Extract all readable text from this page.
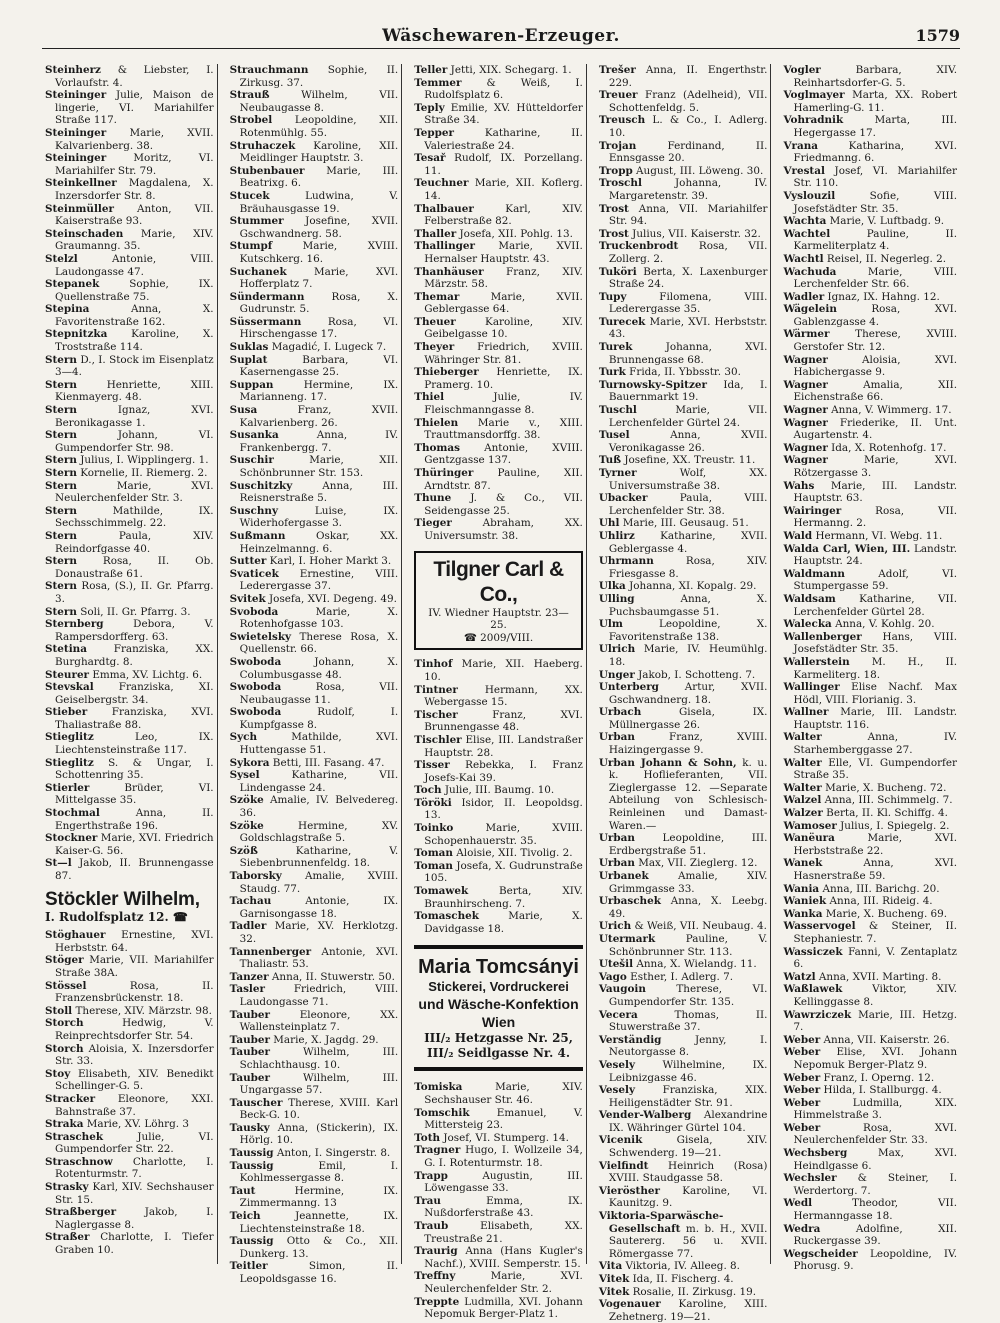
Wäschewaren-Erzeuger.	1579

Steinherz & Liebster, I. Vorlaufstr. 4.

Steininger Julie, Maison de lingerie, VI. Mariahilfer Straße 117.

Steininger Marie, XVII. Kalvarienberg. 38.

Steininger Moritz, VI. Mariahilfer Str. 79.

Steinkellner Magdalena, X. Inzersdorfer Str. 8.

Steinmüller Anton, VII. Kaiserstraße 93.

Steinschaden Marie, XIV. Graumanng. 35.

Stelzl Antonie, VIII. Laudongasse 47.

Stepanek Sophie, IX. Quellenstraße 75.

Stepina Anna, X. Favoritenstraße 162.

Stepnitzka Karoline, X. Troststraße 114.

Stern D., I. Stock im Eisenplatz 3—4.

Stern Henriette, XIII. Kienmayerg. 48.

Stern Ignaz, XVI. Beronikagasse 1.

Stern Johann, VI. Gumpendorfer Str. 98.

Stern Julius, I. Wipplingerg. 1.

Stern Kornelie, II. Riemerg. 2.

Stern Marie, XVI. Neulerchenfelder Str. 3.

Stern Mathilde, IX. Sechsschimmelg. 22.

Stern Paula, XIV. Reindorfgasse 40.

Stern Rosa, II. Ob. Donaustraße 61.

Stern Rosa, (S.), II. Gr. Pfarrg. 3.

Stern Soli, II. Gr. Pfarrg. 3.

Sternberg Debora, V. Rampersdorfferg. 63.

Stetina Franziska, XX. Burghardtg. 8.

Steurer Emma, XV. Lichtg. 6.

Stevskal Franziska, XI. Geiselbergstr. 34.

Stieber Franziska, XVI. Thaliastraße 88.

Stieglitz Leo, IX. Liechtensteinstraße 117.

Stieglitz S. & Ungar, I. Schottenring 35.

Stierler Brüder, VI. Mittelgasse 35.

Stochmal Anna, II. Engerthstraße 196.

Stockner Marie, XVI. Friedrich Kaiser-G. 56.

St—l Jakob, II. Brunnengasse 87.

Stöckler Wilhelm,
I. Rudolfsplatz 12. ☎

Stöghauer Ernestine, XVI. Herbststr. 64.

Stöger Marie, VII. Mariahilfer Straße 38A.

Stössel Rosa, II. Franzensbrückenstr. 18.

Stoll Therese, XIV. Märzstr. 98.

Storch Hedwig, V. Reinprechtsdorfer Str. 54.

Storch Aloisia, X. Inzersdorfer Str. 33.

Stoy Elisabeth, XIV. Benedikt Schellinger-G. 5.

Stracker Eleonore, XXI. Bahnstraße 37.

Straka Marie, XV. Löhrg. 3

Straschek Julie, VI. Gumpendorfer Str. 22.

Straschnow Charlotte, I. Rotenturmstr. 7.

Strasky Karl, XIV. Sechshauser Str. 15.

Straßberger Jakob, I. Naglergasse 8.

Straßer Charlotte, I. Tiefer Graben 10.

Strauchmann Sophie, II. Zirkusg. 37.

Strauß Wilhelm, VII. Neubaugasse 8.

Strobel Leopoldine, XII. Rotenmühlg. 55.

Struhaczek Karoline, XII. Meidlinger Hauptstr. 3.

Stubenbauer Marie, III. Beatrixg. 6.

Stucek Ludwina, V. Bräuhausgasse 19.

Stummer Josefine, XVII. Gschwandnerg. 58.

Stumpf Marie, XVIII. Kutschkerg. 16.

Suchanek Marie, XVI. Hofferplatz 7.

Sündermann Rosa, X. Gudrunstr. 5.

Süssermann Rosa, VI. Hirschengasse 17.

Suklas Magadić, I. Lugeck 7.

Suplat Barbara, VI. Kasernengasse 25.

Suppan Hermine, IX. Marianneng. 17.

Susa Franz, XVII. Kalvarienberg. 26.

Susanka Anna, IV. Frankenbergg. 7.

Suschir Marie, XII. Schönbrunner Str. 153.

Suschitzky Anna, III. Reisnerstraße 5.

Suschny Luise, IX. Widerhofergasse 3.

Sußmann Oskar, XX. Heinzelmanng. 6.

Sutter Karl, I. Hoher Markt 3.

Svaticek Ernestine, VIII. Lederergasse 37.

Svitek Josefa, XVI. Degeng. 49.

Svoboda Marie, X. Rotenhofgasse 103.

Swietelsky Therese Rosa, X. Quellenstr. 66.

Swoboda Johann, X. Columbusgasse 48.

Swoboda Rosa, VII. Neubaugasse 11.

Swoboda Rudolf, I. Kumpfgasse 8.

Sych Mathilde, XVI. Huttengasse 51.

Sykora Betti, III. Fasang. 47.

Sysel Katharine, VII. Lindengasse 24.

Szöke Amalie, IV. Belvedereg. 36.

Szöke Hermine, XV. Goldschlagstraße 5.

Szöß Katharine, V. Siebenbrunnenfeldg. 18.

Taborsky Amalie, XVIII. Staudg. 77.

Tachau Antonie, IX. Garnisongasse 18.

Tadler Marie, XV. Herklotzg. 32.

Tannenberger Antonie, XVI. Thaliastr. 53.

Tanzer Anna, II. Stuwerstr. 50.

Tasler Friedrich, VIII. Laudongasse 71.

Tauber Eleonore, XX. Wallensteinplatz 7.

Tauber Marie, X. Jagdg. 29.

Tauber Wilhelm, III. Schlachthausg. 10.

Tauber Wilhelm, III. Ungargasse 57.

Tauscher Therese, XVIII. Karl Beck-G. 10.

Tausky Anna, (Stickerin), IX. Hörlg. 10.

Taussig Anton, I. Singerstr. 8.

Taussig Emil, I. Kohlmessergasse 8.

Taut Hermine, IX. Zimmermanng. 13

Teich Jeannette, IX. Liechtensteinstraße 18.

Taussig Otto & Co., XII. Dunkerg. 13.

Teitler Simon, II. Leopoldsgasse 16.

Teller Jetti, XIX. Schegarg. 1.

Temmer & Weiß, I. Rudolfsplatz 6.

Teply Emilie, XV. Hütteldorfer Straße 34.

Tepper Katharine, II. Valeriestraße 24.

Tesař Rudolf, IX. Porzellang. 11.

Teuchner Marie, XII. Koflerg. 14.

Thalbauer Karl, XIV. Felberstraße 82.

Thaller Josefa, XII. Pohlg. 13.

Thallinger Marie, XVII. Hernalser Hauptstr. 43.

Thanhäuser Franz, XIV. Märzstr. 58.

Themar Marie, XVII. Geblergasse 64.

Theuer Karoline, XIV. Geibelgasse 10.

Theyer Friedrich, XVIII. Währinger Str. 81.

Thieberger Henriette, IX. Pramerg. 10.

Thiel Julie, IV. Fleischmanngasse 8.

Thielen Marie v., XIII. Trauttmansdorffg. 38.

Thomas Antonie, XVIII. Gentzgasse 137.

Thüringer Pauline, XII. Arndtstr. 87.

Thune J. & Co., VII. Seidengasse 25.

Tieger Abraham, XX. Universumstr. 38.

Tilgner Carl & Co.,
IV. Wiedner Hauptstr. 23—25.
☎ 2009/VIII.

Tinhof Marie, XII. Haeberg. 10.

Tintner Hermann, XX. Webergasse 15.

Tischer Franz, XVI. Brunnengasse 48.

Tischler Elise, III. Landstraßer Hauptstr. 28.

Tisser Rebekka, I. Franz Josefs-Kai 39.

Toch Julie, III. Baumg. 10.

Töröki Isidor, II. Leopoldsg. 13.

Toinko Marie, XVIII. Schopenhauerstr. 35.

Toman Aloisie, XII. Tivolig. 2.

Toman Josefa, X. Gudrunstraße 105.

Tomawek Berta, XIV. Braunhirscheng. 7.

Tomaschek Marie, X. Davidgasse 18.

Maria Tomcsányi
Stickerei, Vordruckerei
und Wäsche-Konfektion
Wien
III/₂ Hetzgasse Nr. 25,
III/₂ Seidlgasse Nr. 4.

Tomiska Marie, XIV. Sechshauser Str. 46.

Tomschik Emanuel, V. Mittersteig 23.

Toth Josef, VI. Stumperg. 14.

Tragner Hugo, I. Wollzeile 34, G. I. Rotenturmstr. 18.

Trapp Augustin, III. Löwengasse 33.

Trau Emma, IX. Nußdorferstraße 43.

Traub Elisabeth, XX. Treustraße 21.

Traurig Anna (Hans Kugler's Nachf.), XVIII. Semperstr. 15.

Treffny Marie, XVI. Neulerchenfelder Str. 2.

Treppte Ludmilla, XVI. Johann Nepomuk Berger-Platz 1.

Trešer Anna, II. Engerthstr. 229.

Treuer Franz (Adelheid), VII. Schottenfeldg. 5.

Treusch L. & Co., I. Adlerg. 10.

Trojan Ferdinand, II. Ennsgasse 20.

Tropp August, III. Löweng. 30.

Troschl Johanna, IV. Margaretenstr. 39.

Trost Anna, VII. Mariahilfer Str. 94.

Trost Julius, VII. Kaiserstr. 32.

Truckenbrodt Rosa, VII. Zollerg. 2.

Tuköri Berta, X. Laxenburger Straße 24.

Tupy Filomena, VIII. Lederergasse 35.

Turecek Marie, XVI. Herbststr. 43.

Turek Johanna, XVI. Brunnengasse 68.

Turk Frida, II. Ybbsstr. 30.

Turnowsky-Spitzer Ida, I. Bauernmarkt 19.

Tuschl Marie, VII. Lerchenfelder Gürtel 24.

Tusel Anna, XVII. Veronikagasse 26.

Tuß Josefine, XX. Treustr. 11.

Tyrner Wolf, XX. Universumstraße 38.

Ubacker Paula, VIII. Lerchenfelder Str. 38.

Uhl Marie, III. Geusaug. 51.

Uhlirz Katharine, XVII. Geblergasse 4.

Uhrmann Rosa, XIV. Friesgasse 8.

Ulka Johanna, XI. Kopalg. 29.

Ulling Anna, X. Puchsbaumgasse 51.

Ulm Leopoldine, X. Favoritenstraße 138.

Ulrich Marie, IV. Heumühlg. 18.

Unger Jakob, I. Schotteng. 7.

Unterberg Artur, XVII. Gschwandnerg. 18.

Urbach Gisela, IX. Müllnergasse 26.

Urban Franz, XVIII. Haizingergasse 9.

Urban Johann & Sohn, k. u. k. Hoflieferanten, VII. Zieglergasse 12. —Separate Abteilung von Schlesisch-Reinleinen und Damast-Waren.—

Urban Leopoldine, III. Erdbergstraße 51.

Urban Max, VII. Zieglerg. 12.

Urbanek Amalie, XIV. Grimmgasse 33.

Urbaschek Anna, X. Leebg. 49.

Urich & Weiß, VII. Neubaug. 4.

Utermark Pauline, V. Schönbrunner Str. 113.

Utešil Anna, X. Wielandg. 11.

Vago Esther, I. Adlerg. 7.

Vaugoin Therese, VI. Gumpendorfer Str. 135.

Vecera Thomas, II. Stuwerstraße 37.

Verständig Jenny, I. Neutorgasse 8.

Vesely Wilhelmine, IX. Leibnizgasse 46.

Vesely Franziska, XIX. Heiligenstädter Str. 91.

Vender-Walberg Alexandrine IX. Währinger Gürtel 104.

Vicenik Gisela, XIV. Schwenderg. 19—21.

Vielfindt Heinrich (Rosa) XVIII. Staudgasse 58.

Vierösther Karoline, VI. Kaunitzg. 9.

Viktoria-Sparwäsche-Gesellschaft m. b. H., XVII. Sautererg. 56 u. XVII. Römergasse 77.

Vita Viktoria, IV. Alleeg. 8.

Vitek Ida, II. Fischerg. 4.

Vitek Rosalie, II. Zirkusg. 19.

Vogenauer Karoline, XIII. Zehetnerg. 19—21.

Vogler Barbara, XIV. Reinhartsdorfer-G. 5.

Voglmayer Marta, XX. Robert Hamerling-G. 11.

Vohradnik Marta, III. Hegergasse 17.

Vrana Katharina, XVI. Friedmanng. 6.

Vrestal Josef, VI. Mariahilfer Str. 110.

Vyslouzil Sofie, VIII. Josefstädter Str. 35.

Wachta Marie, V. Luftbadg. 9.

Wachtel Pauline, II. Karmeliterplatz 4.

Wachtl Reisel, II. Negerleg. 2.

Wachuda Marie, VIII. Lerchenfelder Str. 66.

Wadler Ignaz, IX. Hahng. 12.

Wägelein Rosa, XVI. Gablenzgasse 4.

Wärmer Therese, XVIII. Gerstofer Str. 12.

Wagner Aloisia, XVI. Habichergasse 9.

Wagner Amalia, XII. Eichenstraße 66.

Wagner Anna, V. Wimmerg. 17.

Wagner Friederike, II. Unt. Augartenstr. 4.

Wagner Ida, X. Rotenhofg. 17.

Wagner Marie, XVI. Rötzergasse 3.

Wahs Marie, III. Landstr. Hauptstr. 63.

Wairinger Rosa, VII. Hermanng. 2.

Wald Hermann, VI. Webg. 11.

Walda Carl, Wien, III. Landstr. Hauptstr. 24.

Waldmann Adolf, VI. Stumpergasse 59.

Waldsam Katharine, VII. Lerchenfelder Gürtel 28.

Walecka Anna, V. Kohlg. 20.

Wallenberger Hans, VIII. Josefstädter Str. 35.

Wallerstein M. H., II. Karmeliterg. 18.

Wallinger Elise Nachf. Max Hödl, VIII. Florianig. 3.

Wallner Marie, III. Landstr. Hauptstr. 116.

Walter Anna, IV. Starhemberggasse 27.

Walter Elle, VI. Gumpendorfer Straße 35.

Walter Marie, X. Bucheng. 72.

Walzel Anna, III. Schimmelg. 7.

Walzer Berta, II. Kl. Schiffg. 4.

Wamoser Julius, I. Spiegelg. 2.

Wanëura Marie, XVI. Herbststraße 22.

Wanek Anna, XVI. Hasnerstraße 59.

Wania Anna, III. Barichg. 20.

Waniek Anna, III. Rideig. 4.

Wanka Marie, X. Bucheng. 69.

Wasservogel & Steiner, II. Stephaniestr. 7.

Wassiczek Fanni, V. Zentaplatz 6.

Watzl Anna, XVII. Marting. 8.

Waßlawek Viktor, XIV. Kellinggasse 8.

Wawrziczek Marie, III. Hetzg. 7.

Weber Anna, VII. Kaiserstr. 26.

Weber Elise, XVI. Johann Nepomuk Berger-Platz 9.

Weber Franz, I. Operng. 12.

Weber Hilda, I. Stallburgg. 4.

Weber Ludmilla, XIX. Himmelstraße 3.

Weber Rosa, XVI. Neulerchenfelder Str. 33.

Wechsberg Max, XVI. Heindlgasse 6.

Wechsler & Steiner, I. Werdertorg. 7.

Wedl Theodor, VII. Hermanngasse 18.

Wedra Adolfine, XII. Ruckergasse 39.

Wegscheider Leopoldine, IV. Phorusg. 9.
